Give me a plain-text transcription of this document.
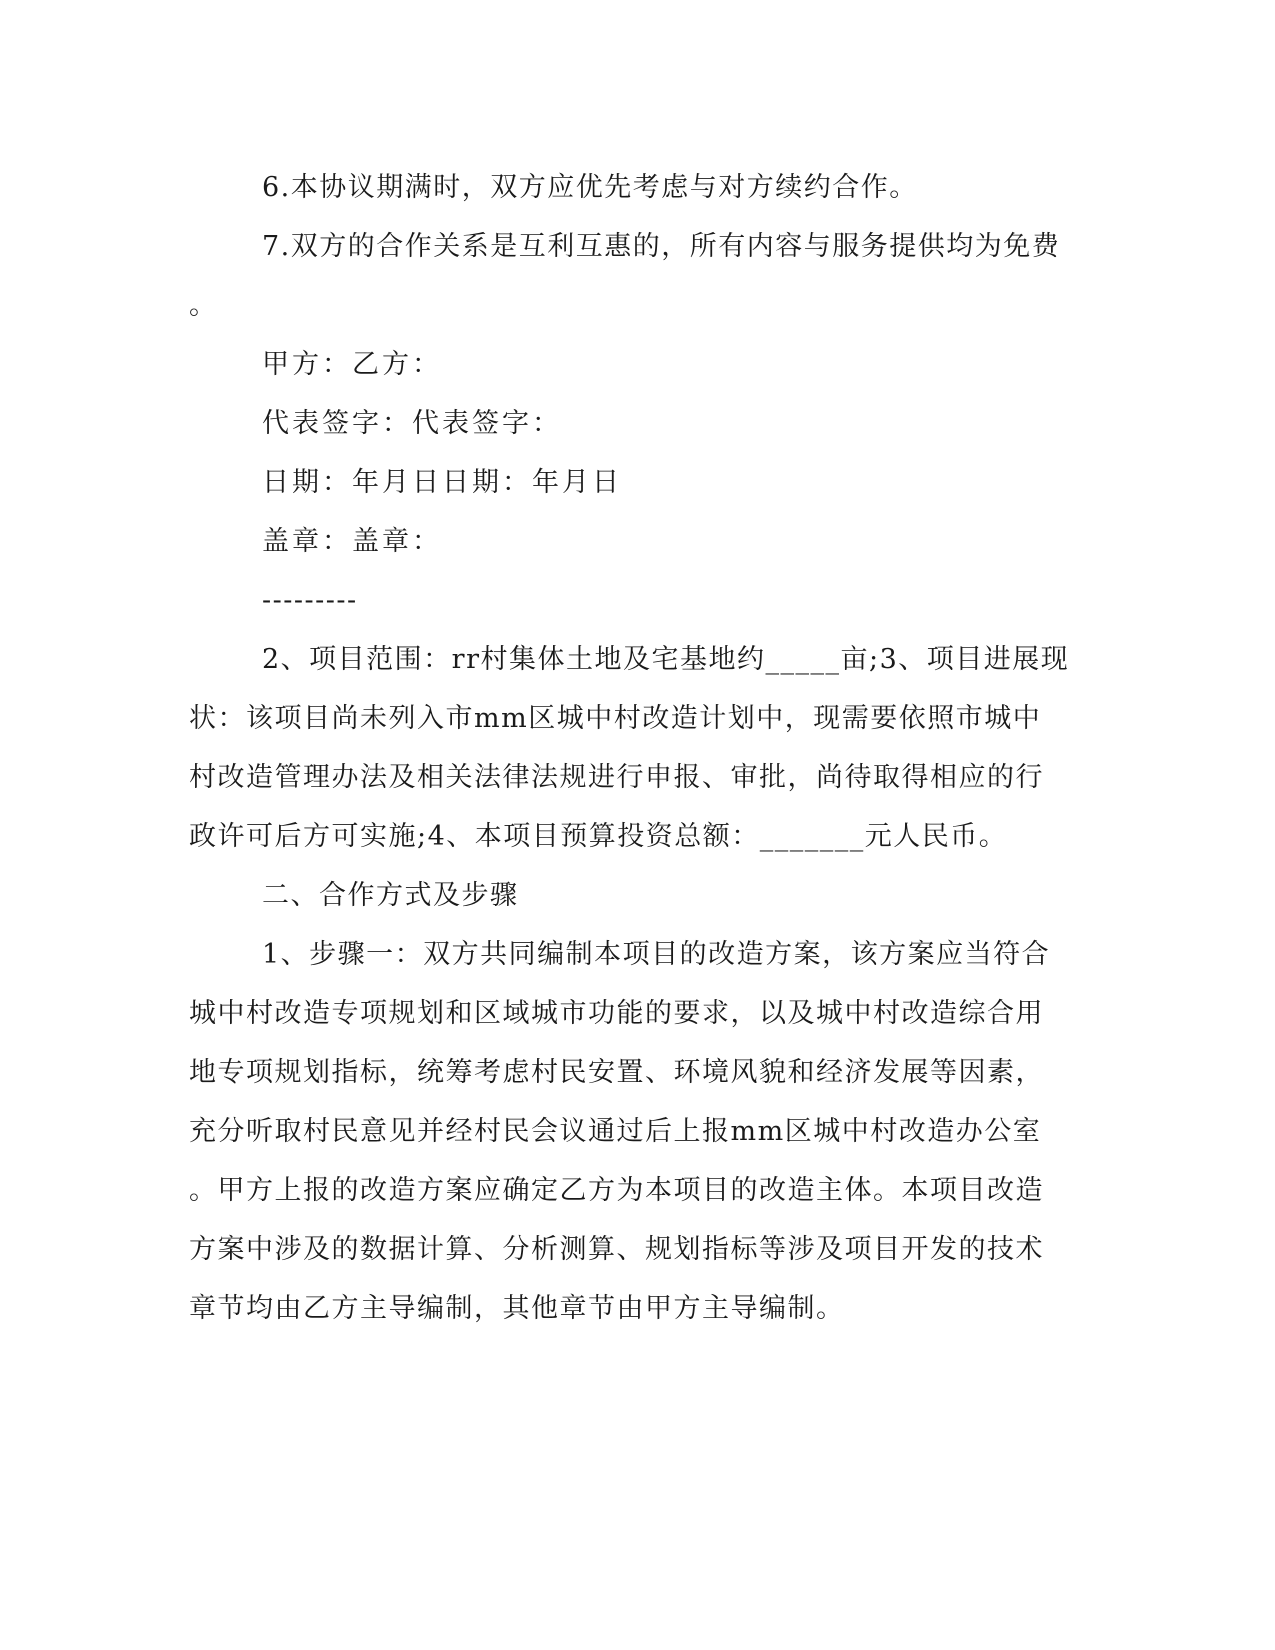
6.本协议期满时，双方应优先考虑与对方续约合作。
7.双方的合作关系是互利互惠的，所有内容与服务提供均为免费
。
甲方：乙方：
代表签字：代表签字：
日期：年月日日期：年月日
盖章：盖章：
---------
2、项目范围：rr村集体土地及宅基地约_____亩;3、项目进展现
状：该项目尚未列入市mm区城中村改造计划中，现需要依照市城中
村改造管理办法及相关法律法规进行申报、审批，尚待取得相应的行
政许可后方可实施;4、本项目预算投资总额：_______元人民币。
二、合作方式及步骤
1、步骤一：双方共同编制本项目的改造方案，该方案应当符合
城中村改造专项规划和区域城市功能的要求，以及城中村改造综合用
地专项规划指标，统筹考虑村民安置、环境风貌和经济发展等因素，
充分听取村民意见并经村民会议通过后上报mm区城中村改造办公室
。甲方上报的改造方案应确定乙方为本项目的改造主体。本项目改造
方案中涉及的数据计算、分析测算、规划指标等涉及项目开发的技术
章节均由乙方主导编制，其他章节由甲方主导编制。
